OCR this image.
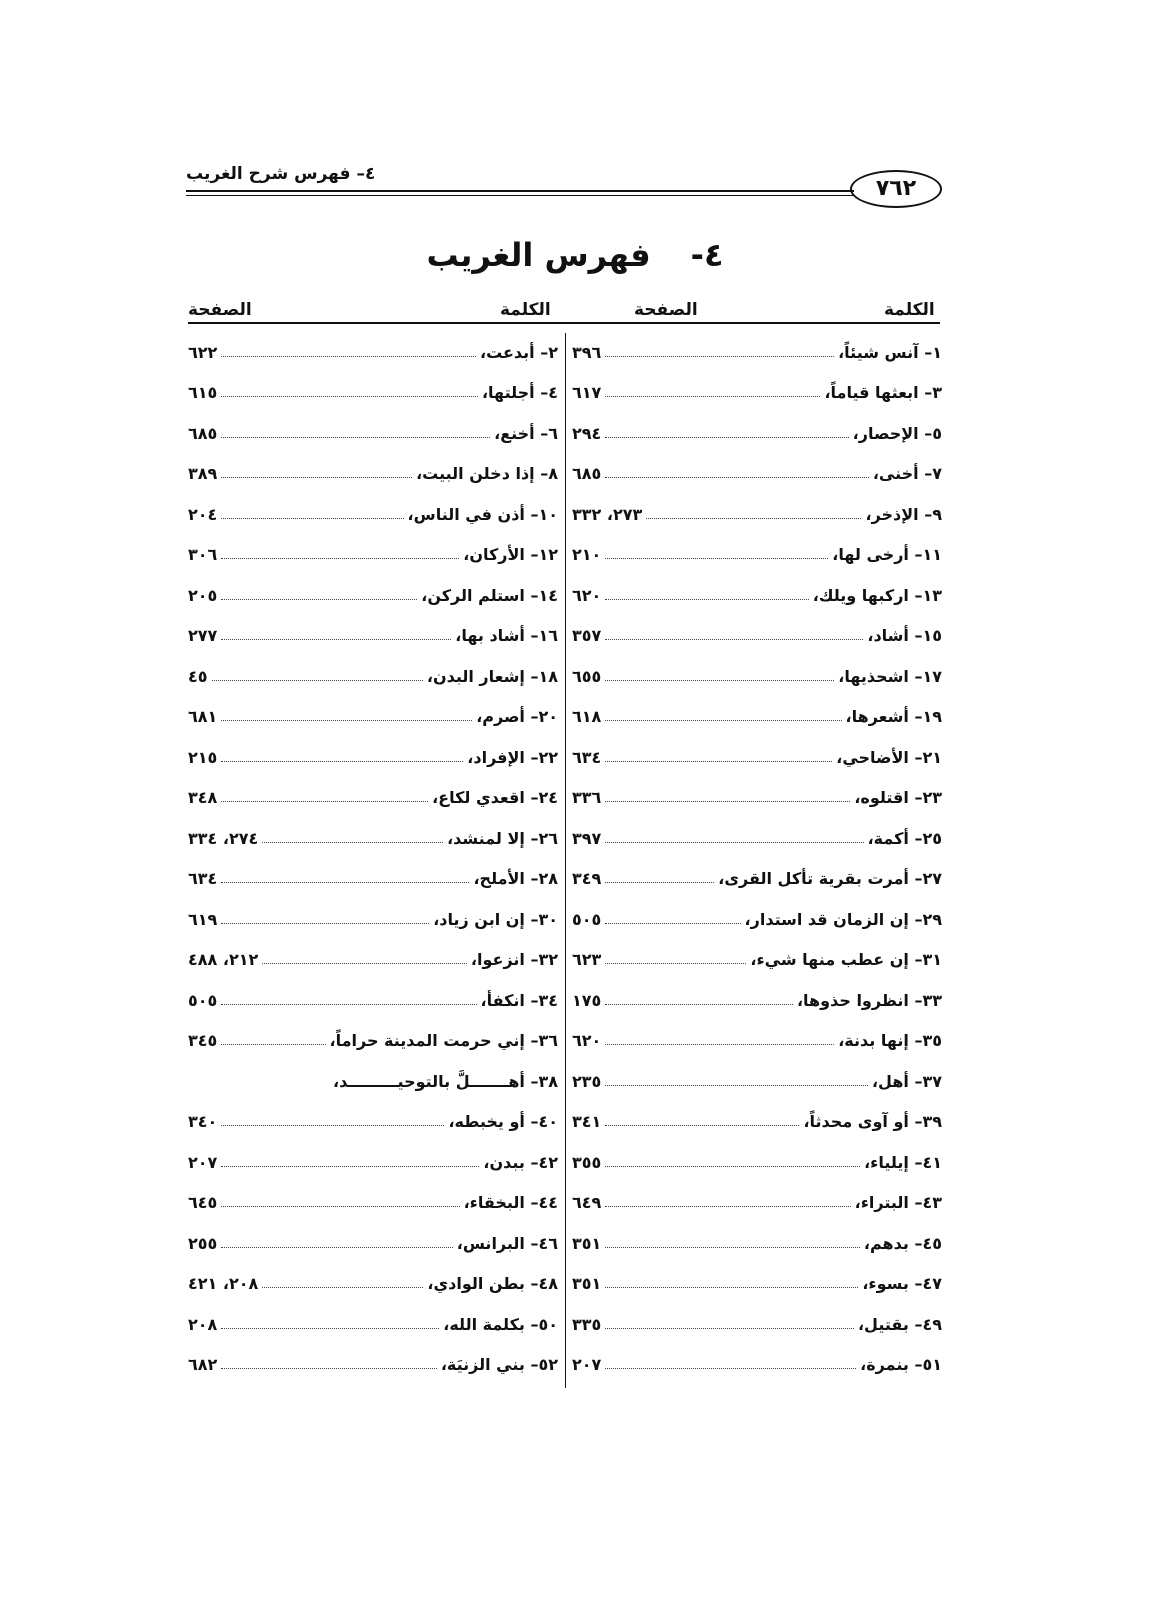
٤– فهرس شرح الغريب
٧٦٢
٤-فهرس الغريب
الكلمة
الصفحة
الكلمة
الصفحة
١– آنس شيئاً،
٣٩٦
٣– ابعثها قياماً،
٦١٧
٥– الإحصار،
٢٩٤
٧– أخنى،
٦٨٥
٩– الإذخر،
٢٧٣، ٣٣٢
١١– أرخى لها،
٢١٠
١٣– اركبها ويلك،
٦٢٠
١٥– أشاد،
٣٥٧
١٧– اشحذيها،
٦٥٥
١٩– أشعرها،
٦١٨
٢١– الأضاحي،
٦٣٤
٢٣– اقتلوه،
٣٣٦
٢٥– أكمة،
٣٩٧
٢٧– أمرت بقرية تأكل القرى،
٣٤٩
٢٩– إن الزمان قد استدار،
٥٠٥
٣١– إن عطب منها شيء،
٦٢٣
٣٣– انظروا حذوها،
١٧٥
٣٥– إنها بدنة،
٦٢٠
٣٧– أهل،
٢٣٥
٣٩– أو آوى محدثاً،
٣٤١
٤١– إيلياء،
٣٥٥
٤٣– البتراء،
٦٤٩
٤٥– بدهم،
٣٥١
٤٧– بسوء،
٣٥١
٤٩– بقتيل،
٣٣٥
٥١– بنمرة،
٢٠٧
٢– أبدعت،
٦٢٢
٤– أجلتها،
٦١٥
٦– أخنع،
٦٨٥
٨– إذا دخلن البيت،
٣٨٩
١٠– أذن في الناس،
٢٠٤
١٢– الأركان،
٣٠٦
١٤– استلم الركن،
٢٠٥
١٦– أشاد بها،
٢٧٧
١٨– إشعار البدن،
٤٥
٢٠– أصرم،
٦٨١
٢٢– الإفراد،
٢١٥
٢٤– اقعدي لكاع،
٣٤٨
٢٦– إلا لمنشد،
٢٧٤، ٣٣٤
٢٨– الأملح،
٦٣٤
٣٠– إن ابن زياد،
٦١٩
٣٢– انزعوا،
٢١٢، ٤٨٨
٣٤– انكفأ،
٥٠٥
٣٦– إني حرمت المدينة حراماً،
٣٤٥
٣٨– أهـــــــلَّ بالتوحيـــــــــد،
٤٠– أو يخبطه،
٣٤٠
٤٢– ببدن،
٢٠٧
٤٤– البخقاء،
٦٤٥
٤٦– البرانس،
٢٥٥
٤٨– بطن الوادي،
٢٠٨، ٤٢١
٥٠– بكلمة الله،
٢٠٨
٥٢– بني الزنيَة،
٦٨٢
